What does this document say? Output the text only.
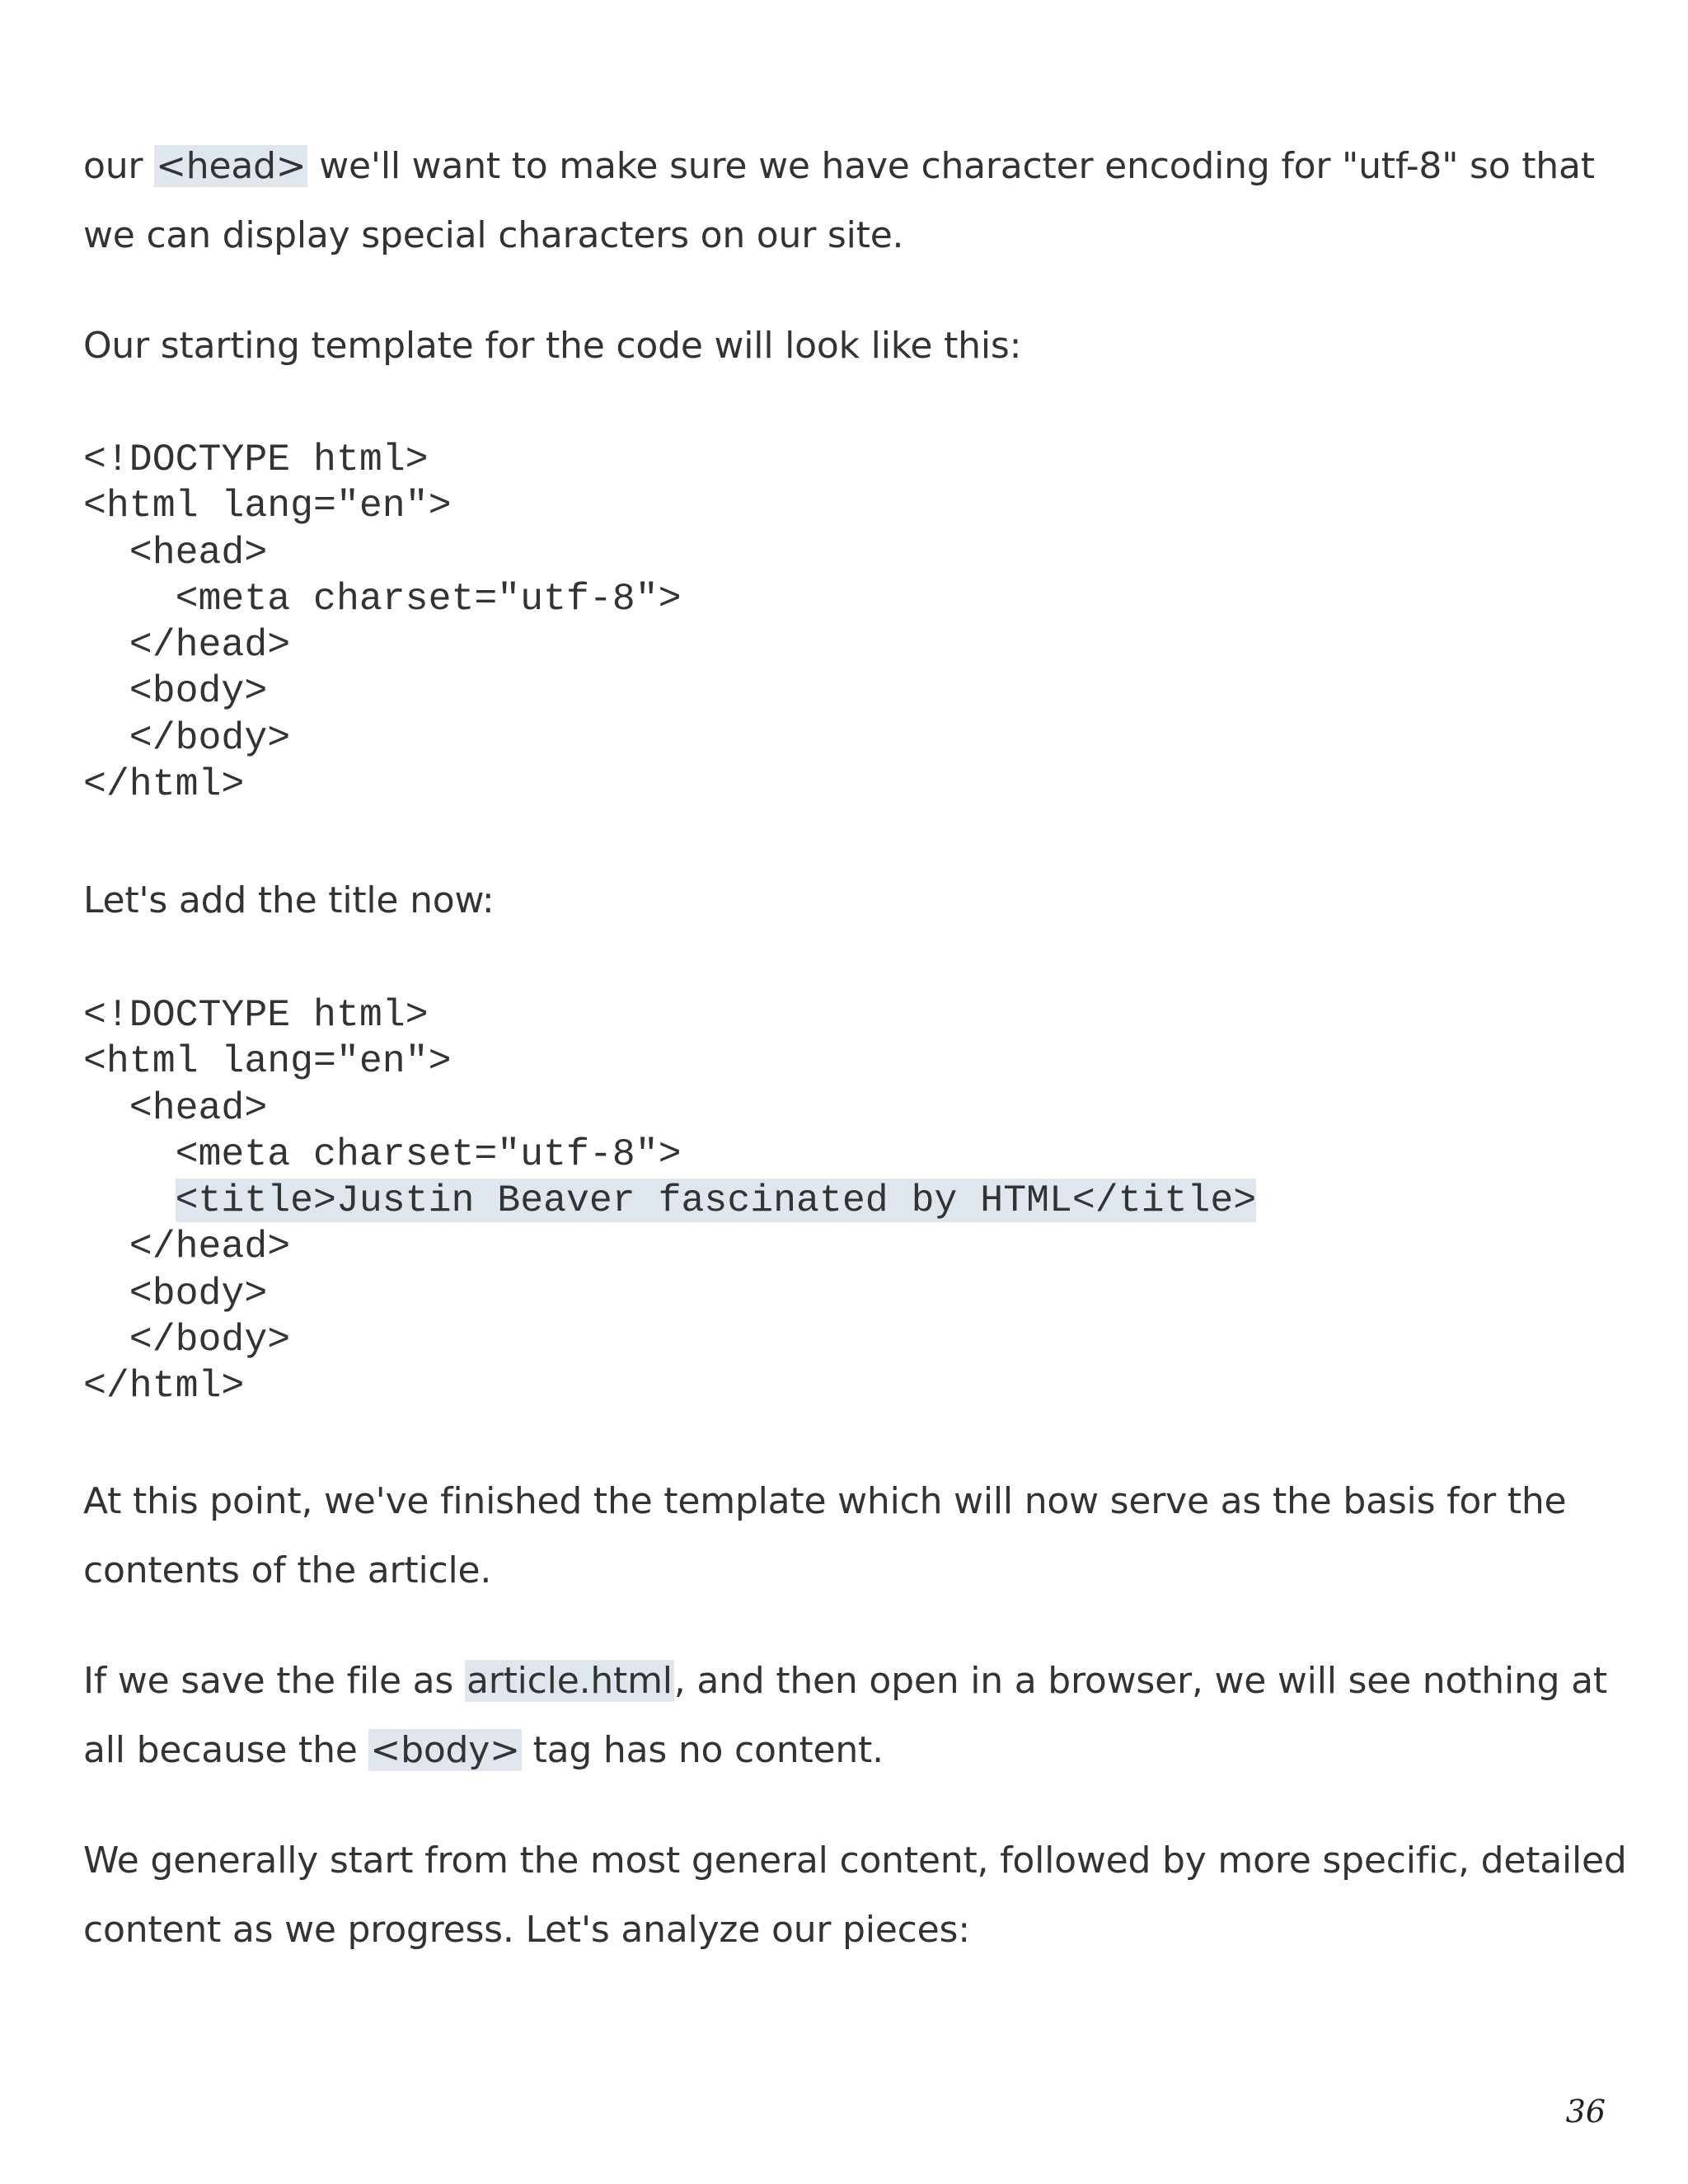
our <head> we'll want to make sure we have character encoding for "utf-8" so that we can display special characters on our site.

Our starting template for the code will look like this:

<!DOCTYPE html>
<html lang="en">
<head>
<meta charset="utf-8">
</head>
<body>
</body>
</html>

Let's add the title now:

<!DOCTYPE html>
<html lang="en">
<head>
<meta charset="utf-8">
<title>Justin Beaver fascinated by HTML</title>
</head>
<body>
</body>
</html>

At this point, we've finished the template which will now serve as the basis for the contents of the article.

If we save the file as article.html, and then open in a browser, we will see nothing at all because the <body> tag has no content.

We generally start from the most general content, followed by more specific, detailed content as we progress. Let's analyze our pieces:

36
